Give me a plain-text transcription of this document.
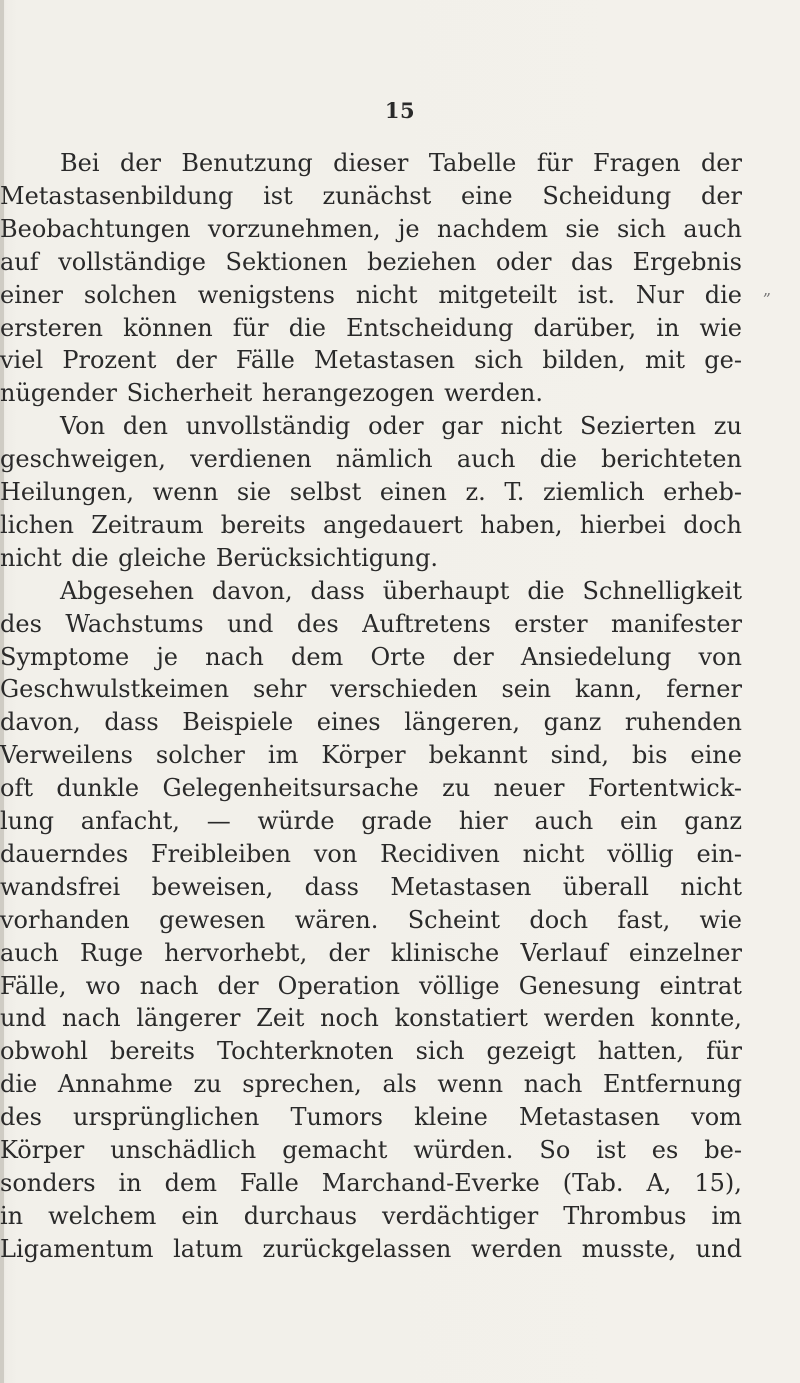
15
„
Bei der Benutzung dieser Tabelle für Fragen der
Metastasenbildung ist zunächst eine Scheidung der
Beobachtungen vorzunehmen, je nachdem sie sich auch
auf vollständige Sektionen beziehen oder das Ergebnis
einer solchen wenigstens nicht mitgeteilt ist. Nur die
ersteren können für die Entscheidung darüber, in wie
viel Prozent der Fälle Metastasen sich bilden, mit ge-
nügender Sicherheit herangezogen werden.
Von den unvollständig oder gar nicht Sezierten zu
geschweigen, verdienen nämlich auch die berichteten
Heilungen, wenn sie selbst einen z. T. ziemlich erheb-
lichen Zeitraum bereits angedauert haben, hierbei doch
nicht die gleiche Berücksichtigung.
Abgesehen davon, dass überhaupt die Schnelligkeit
des Wachstums und des Auftretens erster manifester
Symptome je nach dem Orte der Ansiedelung von
Geschwulstkeimen sehr verschieden sein kann, ferner
davon, dass Beispiele eines längeren, ganz ruhenden
Verweilens solcher im Körper bekannt sind, bis eine
oft dunkle Gelegenheitsursache zu neuer Fortentwick-
lung anfacht, — würde grade hier auch ein ganz
dauerndes Freibleiben von Recidiven nicht völlig ein-
wandsfrei beweisen, dass Metastasen überall nicht
vorhanden gewesen wären. Scheint doch fast, wie
auch Ruge hervorhebt, der klinische Verlauf einzelner
Fälle, wo nach der Operation völlige Genesung eintrat
und nach längerer Zeit noch konstatiert werden konnte,
obwohl bereits Tochterknoten sich gezeigt hatten, für
die Annahme zu sprechen, als wenn nach Entfernung
des ursprünglichen Tumors kleine Metastasen vom
Körper unschädlich gemacht würden. So ist es be-
sonders in dem Falle Marchand-Everke (Tab. A, 15),
in welchem ein durchaus verdächtiger Thrombus im
Ligamentum latum zurückgelassen werden musste, und
